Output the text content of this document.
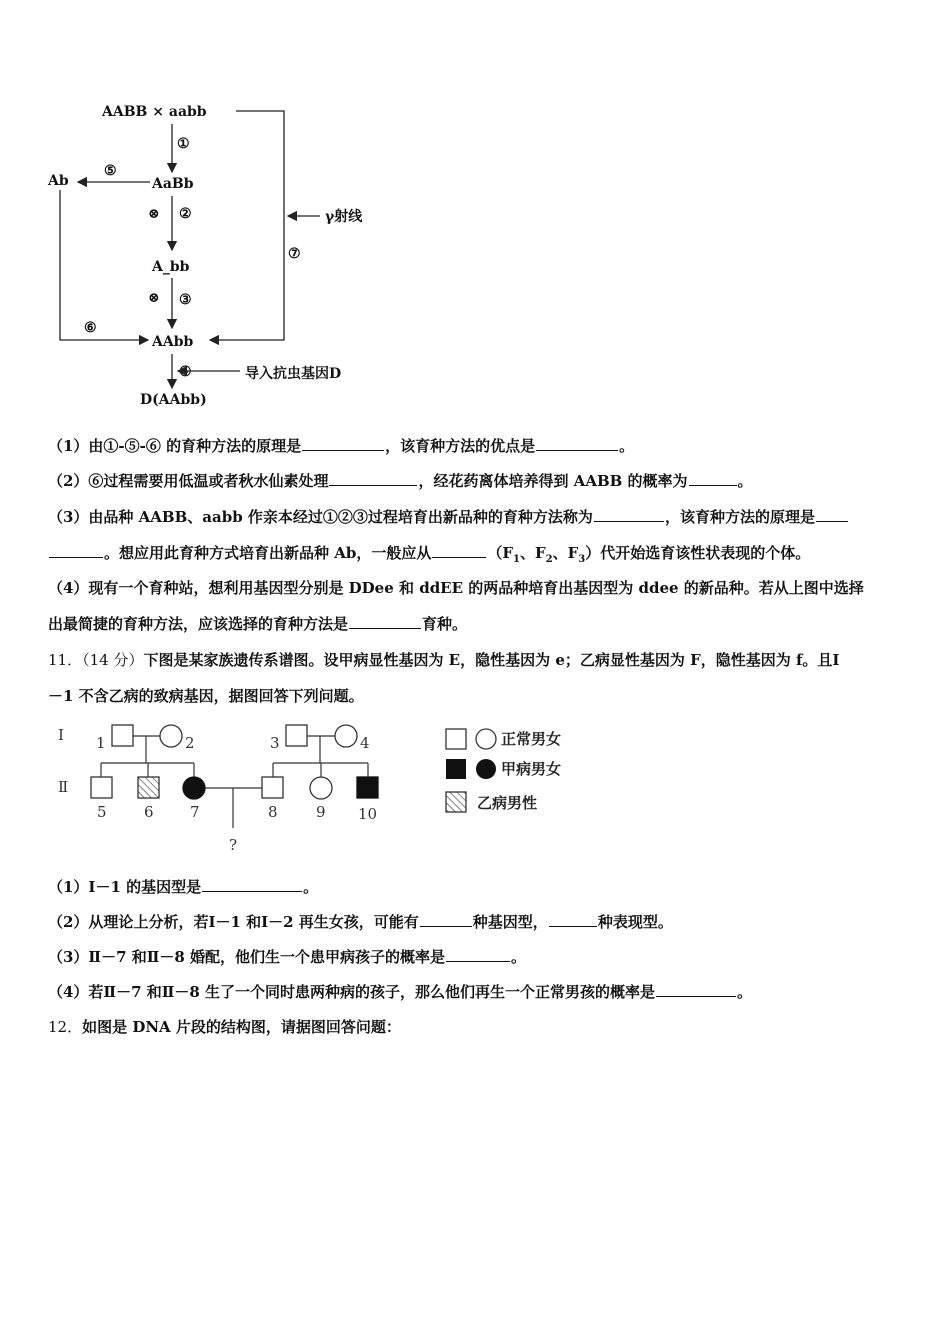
AABB × aabb
AaBb
Ab
A_bb
AAbb
D(AAbb)
γ射线
导入抗虫基因D
①
⑤
⊗ ②
⊗ ③
⑥
⑦
④
（1）由①-⑤-⑥ 的育种方法的原理是	，该育种方法的优点是	。
（2）⑥过程需要用低温或者秋水仙素处理	，经花药离体培养得到 AABB 的概率为	。
（3）由品种 AABB、aabb 作亲本经过①②③过程培育出新品种的育种方法称为	，该育种方法的原理是
。想应用此育种方式培育出新品种 Ab，一般应从	（$F_1$、$F_2$、$F_3$）代开始选育该性状表现的个体。
（4）现有一个育种站，想利用基因型分别是 DDee 和 ddEE 的两品种培育出基因型为 ddee 的新品种。若从上图中选择
出最简捷的育种方法，应该选择的育种方法是	育种。
11．（14 分）下图是某家族遗传系谱图。设甲病显性基因为 E，隐性基因为 e；乙病显性基因为 F，隐性基因为 f。且Ⅰ
－1 不含乙病的致病基因，据图回答下列问题。
Ⅰ
Ⅱ
1	2	3	4
5 6 7	8	9 10
?
正常男女
甲病男女
乙病男性
（1）Ⅰ－1 的基因型是	。
（2）从理论上分析，若Ⅰ－1 和Ⅰ－2 再生女孩，可能有	种基因型，	种表现型。
（3）Ⅱ－7 和Ⅱ－8 婚配，他们生一个患甲病孩子的概率是	。
（4）若Ⅱ－7 和Ⅱ－8 生了一个同时患两种病的孩子，那么他们再生一个正常男孩的概率是	。
12．如图是 DNA 片段的结构图，请据图回答问题：
